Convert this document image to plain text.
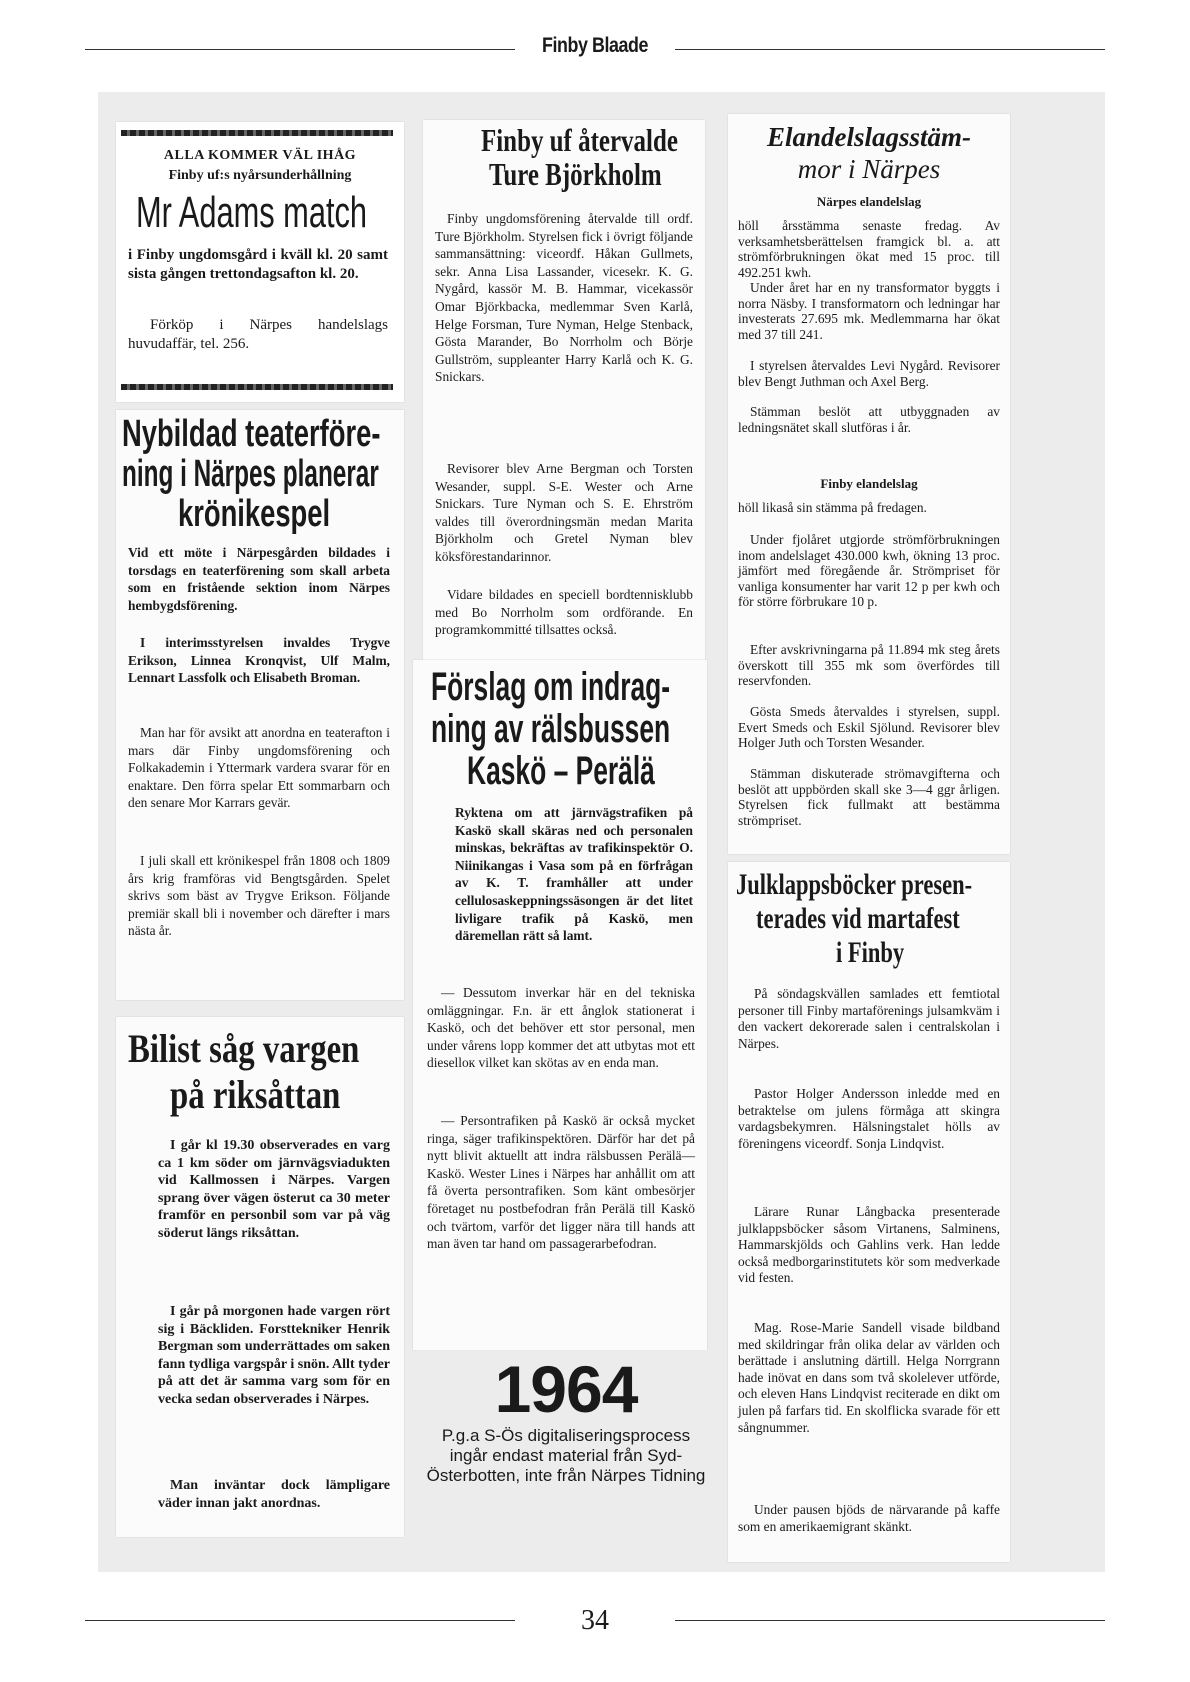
Finby Blaade
ALLA KOMMER VÄL IHÅG
Finby uf:s nyårsunderhållning
Mr Adams match
i Finby ungdomsgård i kväll kl. 20 samt sista gången trettondagsafton kl. 20.
Förköp i Närpes handelslags huvudaffär, tel. 256.
Nybildad teaterföre-
ning i Närpes planerar
krönikespel
Vid ett möte i Närpesgården bildades i torsdags en teaterförening som skall arbeta som en fristående sektion inom Närpes hembygdsförening.
I interimsstyrelsen invaldes Trygve Erikson, Linnea Kronqvist, Ulf Malm, Lennart Lassfolk och Elisabeth Broman.
Man har för avsikt att anordna en teaterafton i mars där Finby ungdomsförening och Folkakademin i Yttermark vardera svarar för en enaktare. Den förra spelar Ett sommarbarn och den senare Mor Karrars gevär.
I juli skall ett krönikespel från 1808 och 1809 års krig framföras vid Bengtsgården. Spelet skrivs som bäst av Trygve Erikson. Följande premiär skall bli i november och därefter i mars nästa år.
Bilist såg vargen
på riksåttan
I går kl 19.30 observerades en varg ca 1 km söder om järnvägsviadukten vid Kallmossen i Närpes. Vargen sprang över vägen österut ca 30 meter framför en personbil som var på väg söderut längs riksåttan.
I går på morgonen hade vargen rört sig i Bäckliden. Forsttekniker Henrik Bergman som underrättades om saken fann tydliga vargspår i snön. Allt tyder på att det är samma varg som för en vecka sedan observerades i Närpes.
Man inväntar dock lämpligare väder innan jakt anordnas.
Finby uf återvalde
Ture Björkholm
Finby ungdomsförening återvalde till ordf. Ture Björkholm. Styrelsen fick i övrigt följande sammansättning: viceordf. Håkan Gullmets, sekr. Anna Lisa Lassander, vicesekr. K. G. Nygård, kassör M. B. Hammar, vicekassör Omar Björkbacka, medlemmar Sven Karlå, Helge Forsman, Ture Nyman, Helge Stenback, Gösta Marander, Bo Norrholm och Börje Gullström, suppleanter Harry Karlå och K. G. Snickars.
Revisorer blev Arne Bergman och Torsten Wesander, suppl. S-E. Wester och Arne Snickars. Ture Nyman och S. E. Ehrström valdes till överordningsmän medan Marita Björkholm och Gretel Nyman blev köksförestandarinnor.
Vidare bildades en speciell bordtennisklubb med Bo Norrholm som ordförande. En programkommitté tillsattes också.
Förslag om indrag-
ning av rälsbussen
Kaskö – Perälä
Ryktena om att järnvägstrafiken på Kaskö skall skäras ned och personalen minskas, bekräftas av trafikinspektör O. Niinikangas i Vasa som på en förfrågan av K. T. framhåller att under cellulosaskeppningssäsongen är det litet livligare trafik på Kaskö, men däremellan rätt så lamt.
— Dessutom inverkar här en del tekniska omläggningar. F.n. är ett ånglok stationerat i Kaskö, och det behöver ett stor personal, men under vårens lopp kommer det att utbytas mot ett dieselloк vilket kan skötas av en enda man.
— Persontrafiken på Kaskö är också mycket ringa, säger trafikinspektören. Därför har det på nytt blivit aktuellt att indra rälsbussen Perälä—Kaskö. Wester Lines i Närpes har anhållit om att få överta persontrafiken. Som känt ombesörjer företaget nu postbefodran från Perälä till Kaskö och tvärtom, varför det ligger nära till hands att man även tar hand om passagerarbefodran.
1964
P.g.a S-Ös digitaliseringsprocess
ingår endast material från Syd-
Österbotten, inte från Närpes Tidning
Elandelslagsstäm-
mor i Närpes
Närpes elandelslag
höll årsstämma senaste fredag. Av verksamhetsberättelsen framgick bl. a. att strömförbrukningen ökat med 15 proc. till 492.251 kwh.
Under året har en ny transformator byggts i norra Näsby. I transformatorn och ledningar har investerats 27.695 mk. Medlemmarna har ökat med 37 till 241.
I styrelsen återvaldes Levi Nygård. Revisorer blev Bengt Juthman och Axel Berg.
Stämman beslöt att utbyggnaden av ledningsnätet skall slutföras i år.
Finby elandelslag
höll likaså sin stämma på fredagen.
Under fjolåret utgjorde strömförbrukningen inom andelslaget 430.000 kwh, ökning 13 proc. jämfört med föregående år. Strömpriset för vanliga konsumenter har varit 12 p per kwh och för större förbrukare 10 p.
Efter avskrivningarna på 11.894 mk steg årets överskott till 355 mk som överfördes till reservfonden.
Gösta Smeds återvaldes i styrelsen, suppl. Evert Smeds och Eskil Sjölund. Revisorer blev Holger Juth och Torsten Wesander.
Stämman diskuterade strömavgifterna och beslöt att uppbörden skall ske 3—4 ggr årligen. Styrelsen fick fullmakt att bestämma strömpriset.
Julklappsböcker presen-
terades vid martafest
i Finby
På söndagskvällen samlades ett femtiotal personer till Finby martaförenings julsamkväm i den vackert dekorerade salen i centralskolan i Närpes.
Pastor Holger Andersson inledde med en betraktelse om julens förmåga att skingra vardagsbekymren. Hälsningstalet hölls av föreningens viceordf. Sonja Lindqvist.
Lärare Runar Långbacka presenterade julklappsböcker såsom Virtanens, Salminens, Hammarskjölds och Gahlins verk. Han ledde också medborgarinstitutets kör som medverkade vid festen.
Mag. Rose-Marie Sandell visade bildband med skildringar från olika delar av världen och berättade i anslutning därtill. Helga Norrgrann hade inövat en dans som två skolelever utförde, och eleven Hans Lindqvist reciterade en dikt om julen på farfars tid. En skolflicka svarade för ett sångnummer.
Under pausen bjöds de närvarande på kaffe som en amerikaemigrant skänkt.
34
